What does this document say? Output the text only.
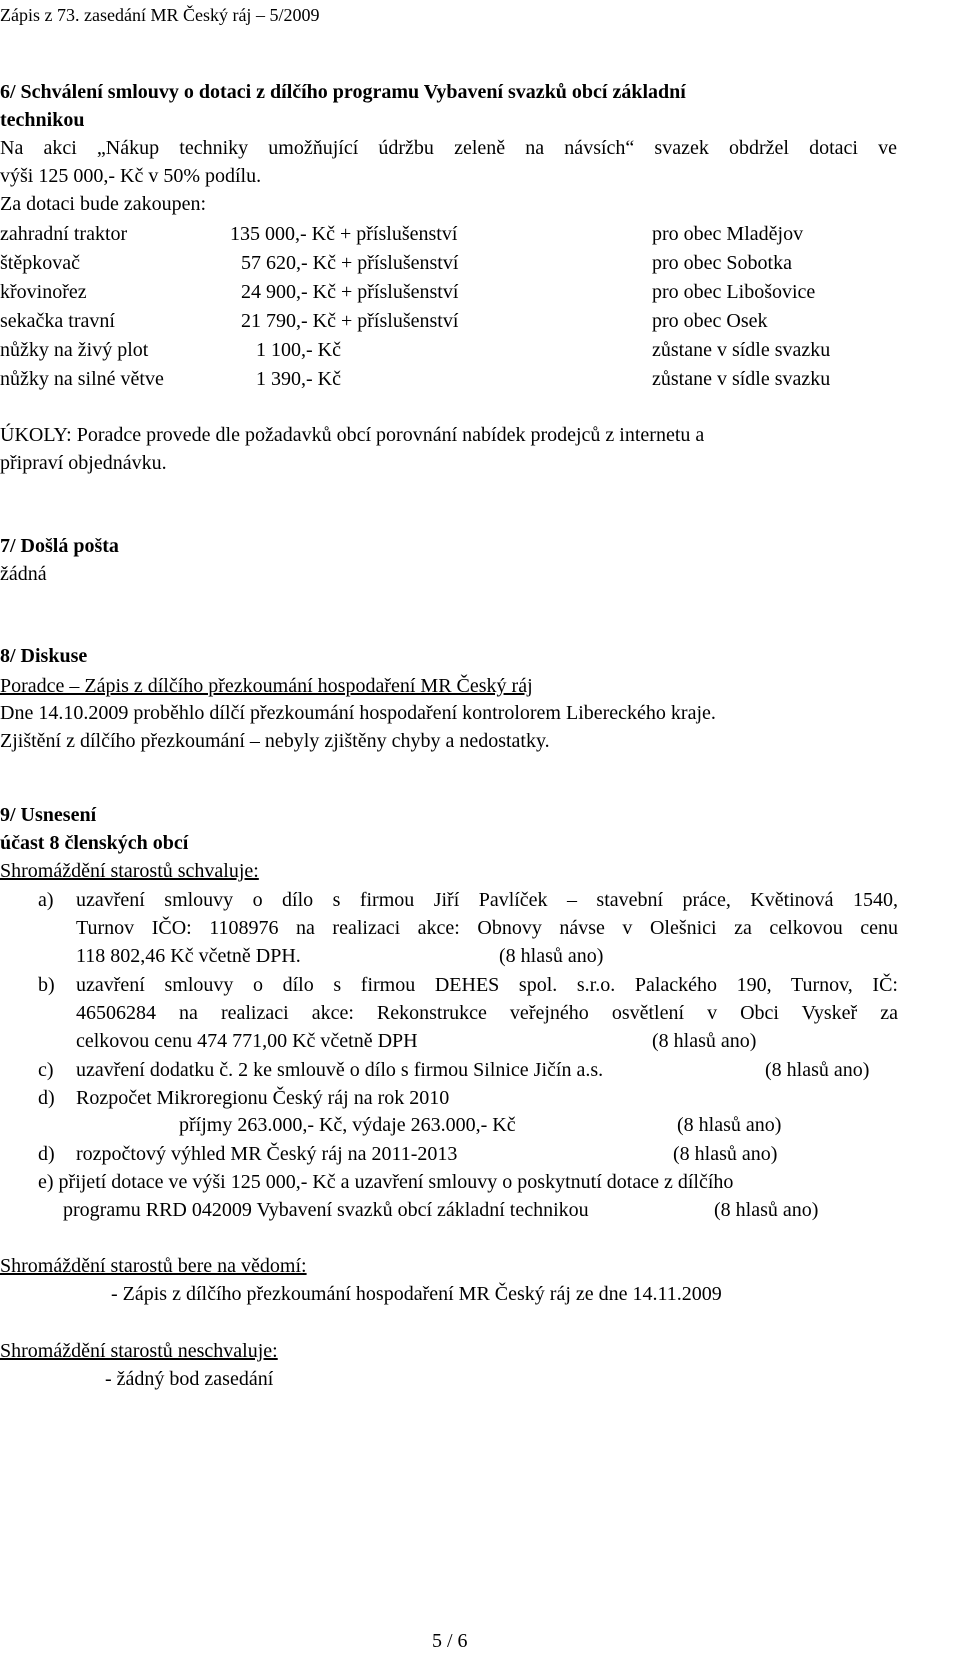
Zápis z 73. zasedání MR Český ráj – 5/2009
6/ Schválení smlouvy o dotaci z dílčího programu Vybavení svazků obcí základní
technikou
Na akci „Nákup techniky umožňující údržbu zeleně na návsích“ svazek obdržel dotaci ve
výši 125 000,- Kč v 50% podílu.
Za dotaci bude zakoupen:
zahradní traktor	135 000,- Kč + příslušenství	pro obec Mladějov
štěpkovač	57 620,- Kč + příslušenství	pro obec Sobotka
křovinořez	24 900,- Kč + příslušenství	pro obec Libošovice
sekačka travní	21 790,- Kč + příslušenství	pro obec Osek
nůžky na živý plot	1 100,- Kč	zůstane v sídle svazku
nůžky na silné větve	1 390,- Kč	zůstane v sídle svazku
ÚKOLY: Poradce provede dle požadavků obcí porovnání nabídek prodejců z internetu a
připraví objednávku.
7/ Došlá pošta
žádná
8/ Diskuse
Poradce – Zápis z dílčího přezkoumání hospodaření MR Český ráj
Dne 14.10.2009 proběhlo dílčí přezkoumání hospodaření kontrolorem Libereckého kraje.
Zjištění z dílčího přezkoumání – nebyly zjištěny chyby a nedostatky.
9/ Usnesení
účast 8 členských obcí
Shromáždění starostů schvaluje:
a) uzavření smlouvy o dílo s firmou Jiří Pavlíček – stavební práce, Květinová 1540,
Turnov IČO: 1108976 na realizaci akce: Obnovy návse v Olešnici za celkovou cenu
118 802,46 Kč včetně DPH.	(8 hlasů ano)
b) uzavření smlouvy o dílo s firmou DEHES spol. s.r.o. Palackého 190, Turnov, IČ:
46506284 na realizaci akce: Rekonstrukce veřejného osvětlení v Obci Vyskeř za
celkovou cenu 474 771,00 Kč včetně DPH	(8 hlasů ano)
c) uzavření dodatku č. 2 ke smlouvě o dílo s firmou Silnice Jičín a.s.	(8 hlasů ano)
d) Rozpočet Mikroregionu Český ráj na rok 2010
příjmy 263.000,- Kč, výdaje 263.000,- Kč	(8 hlasů ano)
d) rozpočtový výhled MR Český ráj na 2011-2013	(8 hlasů ano)
e) přijetí dotace ve výši 125 000,- Kč a uzavření smlouvy o poskytnutí dotace z dílčího
programu RRD 042009 Vybavení svazků obcí základní technikou	(8 hlasů ano)
Shromáždění starostů bere na vědomí:
- Zápis z dílčího přezkoumání hospodaření MR Český ráj ze dne 14.11.2009
Shromáždění starostů neschvaluje:
- žádný bod zasedání
5 / 6
